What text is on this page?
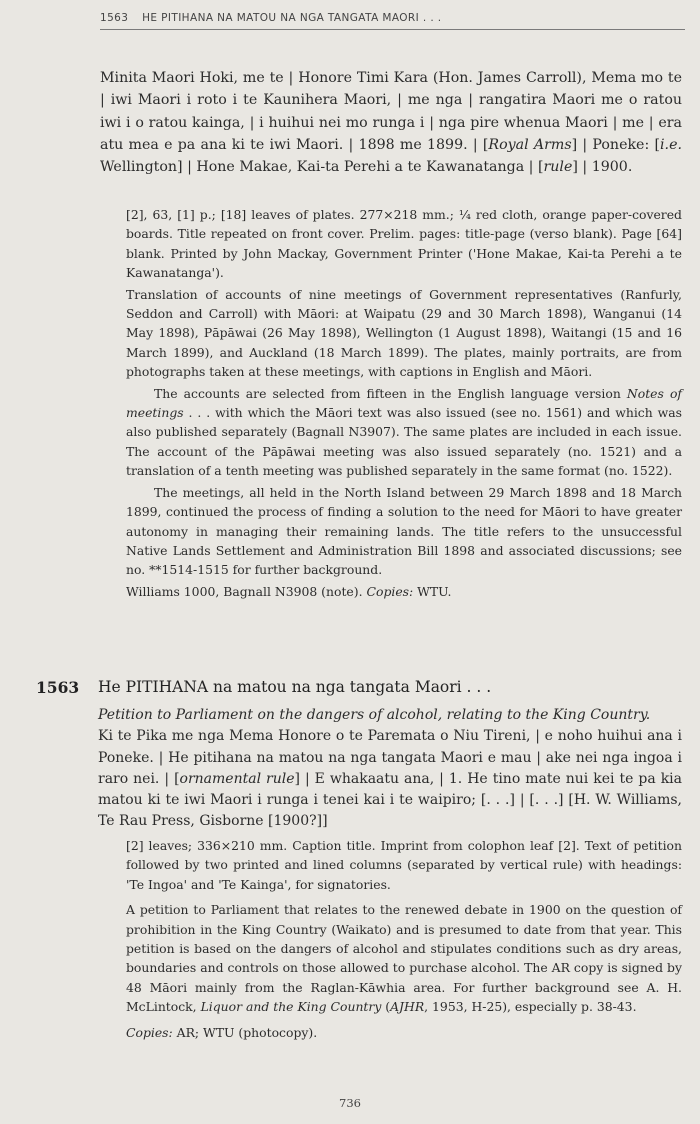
1563 HE PITIHANA NA MATOU NA NGA TANGATA MAORI . . .
Minita Maori Hoki, me te | Honore Timi Kara (Hon. James Carroll), Mema mo te | iwi Maori i roto i te Kaunihera Maori, | me nga | rangatira Maori me o ratou iwi i o ratou kainga, | i huihui nei mo runga i | nga pire whenua Maori | me | era atu mea e pa ana ki te iwi Maori. | 1898 me 1899. | [Royal Arms] | Poneke: [i.e. Wellington] | Hone Makae, Kai-ta Perehi a te Kawanatanga | [rule] | 1900.

[2], 63, [1] p.; [18] leaves of plates. 277×218 mm.; ¼ red cloth, orange paper-covered boards. Title repeated on front cover. Prelim. pages: title-page (verso blank). Page [64] blank. Printed by John Mackay, Government Printer ('Hone Makae, Kai-ta Perehi a te Kawanatanga').

Translation of accounts of nine meetings of Government representatives (Ranfurly, Seddon and Carroll) with Māori: at Waipatu (29 and 30 March 1898), Wanganui (14 May 1898), Pāpāwai (26 May 1898), Wellington (1 August 1898), Waitangi (15 and 16 March 1899), and Auckland (18 March 1899). The plates, mainly portraits, are from photographs taken at these meetings, with captions in English and Māori.

The accounts are selected from fifteen in the English language version Notes of meetings . . . with which the Māori text was also issued (see no. 1561) and which was also published separately (Bagnall N3907). The same plates are included in each issue. The account of the Pāpāwai meeting was also issued separately (no. 1521) and a translation of a tenth meeting was published separately in the same format (no. 1522).

The meetings, all held in the North Island between 29 March 1898 and 18 March 1899, continued the process of finding a solution to the need for Māori to have greater autonomy in managing their remaining lands. The title refers to the unsuccessful Native Lands Settlement and Administration Bill 1898 and associated discussions; see no. **1514-1515 for further background.

Williams 1000, Bagnall N3908 (note). Copies: WTU.

1563 He PITIHANA na matou na nga tangata Maori . . .
Petition to Parliament on the dangers of alcohol, relating to the King Country.
Ki te Pika me nga Mema Honore o te Paremata o Niu Tireni, | e noho huihui ana i Poneke. | He pitihana na matou na nga tangata Maori e mau | ake nei nga ingoa i raro nei. | [ornamental rule] | E whakaatu ana, | 1. He tino mate nui kei te pa kia matou ki te iwi Maori i runga i tenei kai i te waipiro; [. . .] | [. . .] [H. W. Williams, Te Rau Press, Gisborne [1900?]]

[2] leaves; 336×210 mm. Caption title. Imprint from colophon leaf [2]. Text of petition followed by two printed and lined columns (separated by vertical rule) with headings: 'Te Ingoa' and 'Te Kainga', for signatories.

A petition to Parliament that relates to the renewed debate in 1900 on the question of prohibition in the King Country (Waikato) and is presumed to date from that year. This petition is based on the dangers of alcohol and stipulates conditions such as dry areas, boundaries and controls on those allowed to purchase alcohol. The AR copy is signed by 48 Māori mainly from the Raglan-Kāwhia area. For further background see A. H. McLintock, Liquor and the King Country (AJHR, 1953, H-25), especially p. 38-43.

Copies: AR; WTU (photocopy).

736
